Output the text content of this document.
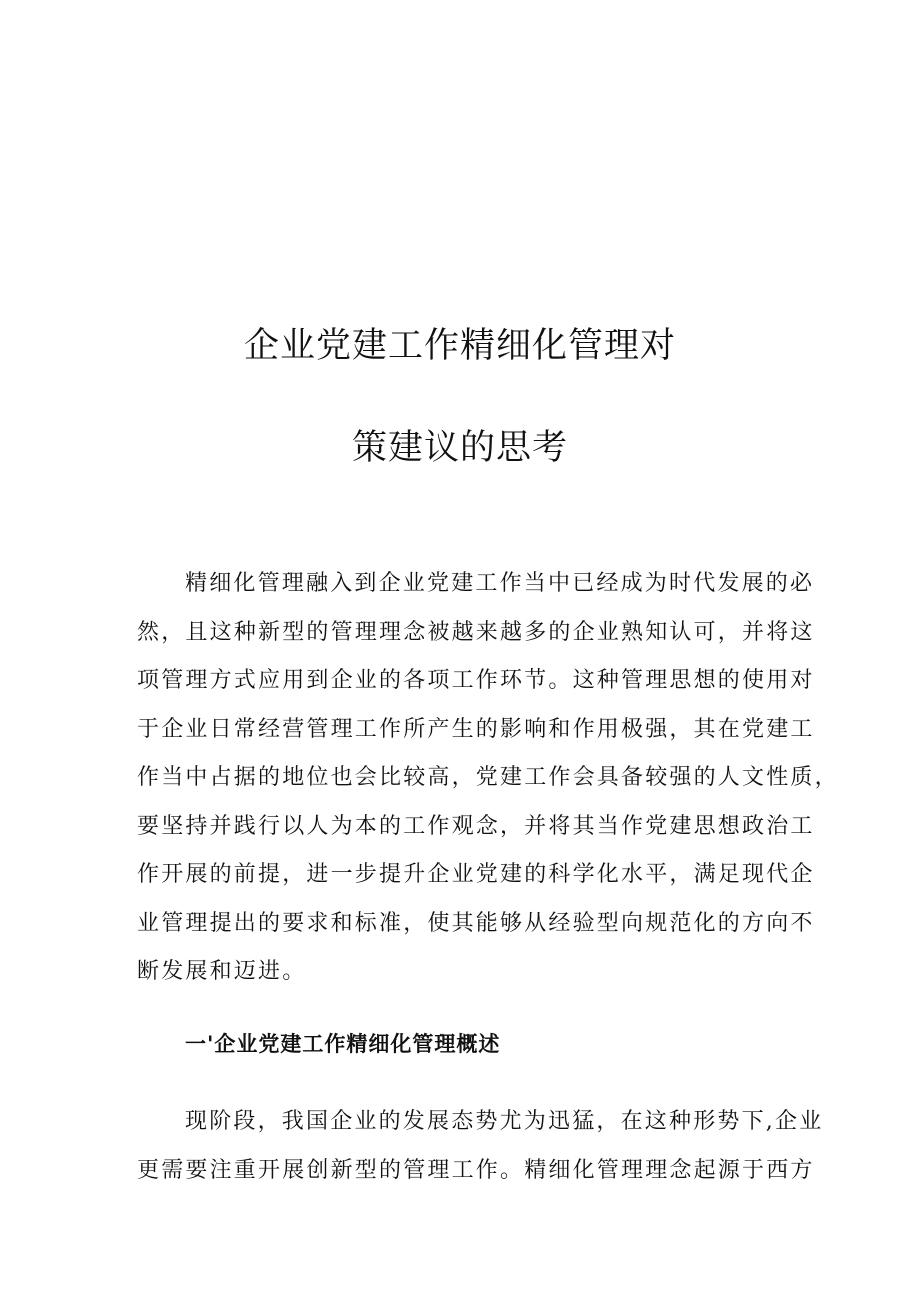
企业党建工作精细化管理对
策建议的思考
精细化管理融入到企业党建工作当中已经成为时代发展的必
然，且这种新型的管理理念被越来越多的企业熟知认可，并将这
项管理方式应用到企业的各项工作环节。这种管理思想的使用对
于企业日常经营管理工作所产生的影响和作用极强，其在党建工
作当中占据的地位也会比较高，党建工作会具备较强的人文性质，
要坚持并践行以人为本的工作观念，并将其当作党建思想政治工
作开展的前提，进一步提升企业党建的科学化水平，满足现代企
业管理提出的要求和标准，使其能够从经验型向规范化的方向不
断发展和迈进。
一'企业党建工作精细化管理概述
现阶段，我国企业的发展态势尤为迅猛，在这种形势下,企业
更需要注重开展创新型的管理工作。精细化管理理念起源于西方
